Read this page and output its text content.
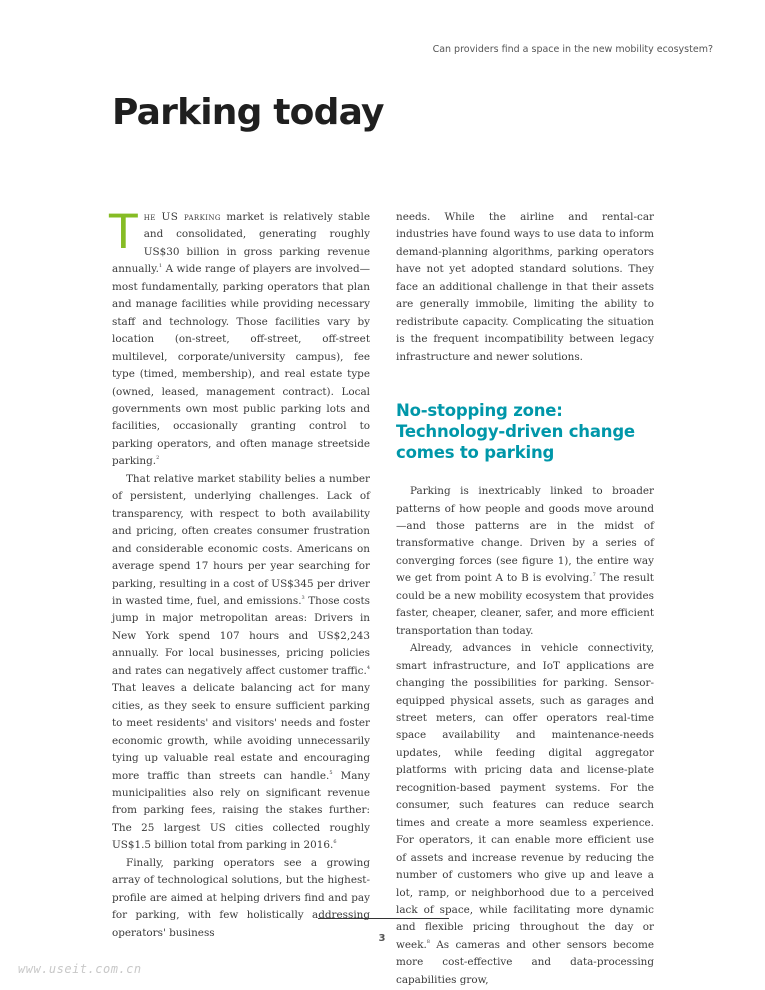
Can providers find a space in the new mobility ecosystem?
Parking today

The US parking market is relatively stable and consolidated, generating roughly US$30 billion in gross parking revenue annually.$^1$ A wide range of players are involved—most fundamentally, parking operators that plan and manage facilities while providing necessary staff and technology. Those facilities vary by location (on-street, off-street, off-street multilevel, corporate/university campus), fee type (timed, membership), and real estate type (owned, leased, management contract). Local governments own most public parking lots and facilities, occasionally granting control to parking operators, and often manage streetside parking.$^2$

That relative market stability belies a number of persistent, underlying challenges. Lack of transparency, with respect to both availability and pricing, often creates consumer frustration and considerable economic costs. Americans on average spend 17 hours per year searching for parking, resulting in a cost of US$345 per driver in wasted time, fuel, and emissions.$^3$ Those costs jump in major metropolitan areas: Drivers in New York spend 107 hours and US$2,243 annually. For local businesses, pricing policies and rates can negatively affect customer traffic.$^4$ That leaves a delicate balancing act for many cities, as they seek to ensure sufficient parking to meet residents' and visitors' needs and foster economic growth, while avoiding unnecessarily tying up valuable real estate and encouraging more traffic than streets can handle.$^5$ Many municipalities also rely on significant revenue from parking fees, raising the stakes further: The 25 largest US cities collected roughly US$1.5 billion total from parking in 2016.$^6$

Finally, parking operators see a growing array of technological solutions, but the highest-profile are aimed at helping drivers find and pay for parking, with few holistically addressing operators' business

needs. While the airline and rental-car industries have found ways to use data to inform demand-planning algorithms, parking operators have not yet adopted standard solutions. They face an additional challenge in that their assets are generally immobile, limiting the ability to redistribute capacity. Complicating the situation is the frequent incompatibility between legacy infrastructure and newer solutions.

No-stopping zone: Technology-driven change comes to parking

Parking is inextricably linked to broader patterns of how people and goods move around—and those patterns are in the midst of transformative change. Driven by a series of converging forces (see figure 1), the entire way we get from point A to B is evolving.$^7$ The result could be a new mobility ecosystem that provides faster, cheaper, cleaner, safer, and more efficient transportation than today.

Already, advances in vehicle connectivity, smart infrastructure, and IoT applications are changing the possibilities for parking. Sensor-equipped physical assets, such as garages and street meters, can offer operators real-time space availability and maintenance-needs updates, while feeding digital aggregator platforms with pricing data and license-plate recognition-based payment systems. For the consumer, such features can reduce search times and create a more seamless experience. For operators, it can enable more efficient use of assets and increase revenue by reducing the number of customers who give up and leave a lot, ramp, or neighborhood due to a perceived lack of space, while facilitating more dynamic and flexible pricing throughout the day or week.$^8$ As cameras and other sensors become more cost-effective and data-processing capabilities grow,

3
www.useit.com.cn
